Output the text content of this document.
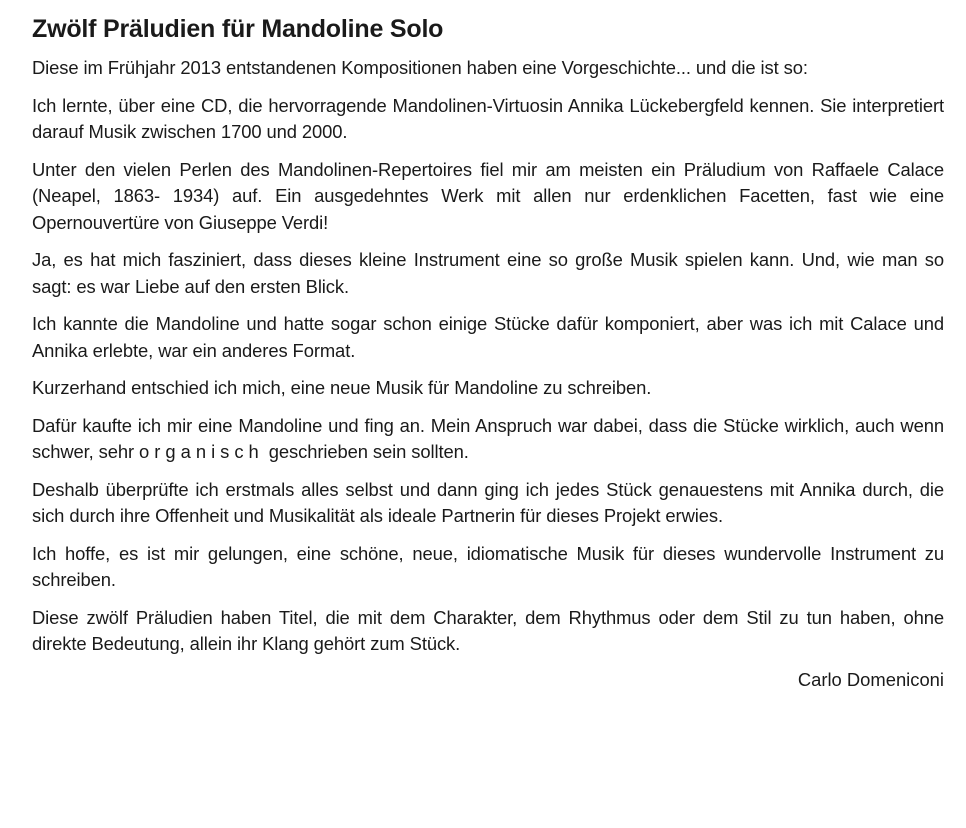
Zwölf Präludien für Mandoline Solo

Diese im Frühjahr 2013 entstandenen Kompositionen haben eine Vorgeschichte... und die ist so:

Ich lernte, über eine CD, die hervorragende Mandolinen-Virtuosin Annika Lückebergfeld kennen. Sie interpretiert darauf Musik zwischen 1700 und 2000.

Unter den vielen Perlen des Mandolinen-Repertoires fiel mir am meisten ein Präludium von Raffaele Calace (Neapel, 1863- 1934) auf. Ein ausgedehntes Werk mit allen nur erdenklichen Facetten, fast wie eine Opernouvertüre von Giuseppe Verdi!

Ja, es hat mich fasziniert, dass dieses kleine Instrument eine so große Musik spielen kann. Und, wie man so sagt: es war Liebe auf den ersten Blick.

Ich kannte die Mandoline und hatte sogar schon einige Stücke dafür komponiert, aber was ich mit Calace und Annika erlebte, war ein anderes Format.

Kurzerhand entschied ich mich, eine neue Musik für Mandoline zu schreiben.

Dafür kaufte ich mir eine Mandoline und fing an. Mein Anspruch war dabei, dass die Stücke wirklich, auch wenn schwer, sehr organisch geschrieben sein sollten.

Deshalb überprüfte ich erstmals alles selbst und dann ging ich jedes Stück genauestens mit Annika durch, die sich durch ihre Offenheit und Musikalität als ideale Partnerin für dieses Projekt erwies.

Ich hoffe, es ist mir gelungen, eine schöne, neue, idiomatische Musik für dieses wundervolle Instrument zu schreiben.

Diese zwölf Präludien haben Titel, die mit dem Charakter, dem Rhythmus oder dem Stil zu tun haben, ohne direkte Bedeutung, allein ihr Klang gehört zum Stück.

Carlo Domeniconi
